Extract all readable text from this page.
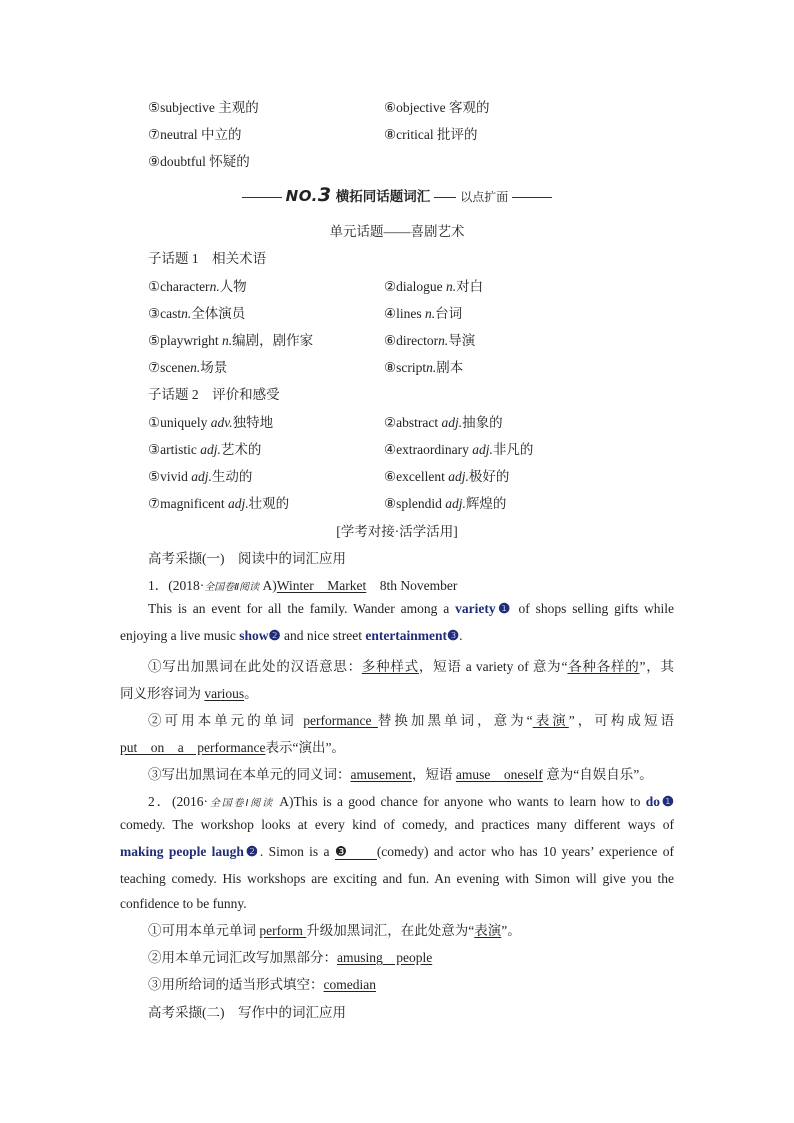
⑤subjective 主观的	⑥objective 客观的
⑦neutral 中立的	⑧critical 批评的
⑨doubtful 怀疑的
NO.3 横拓同话题词汇	以点扩面
单元话题——喜剧艺术
子话题 1　相关术语
①charactern.人物	②dialogue n.对白
③castn.全体演员	④lines n.台词
⑤playwright n.编剧，剧作家	⑥directorn.导演
⑦scenen.场景	⑧scriptn.剧本
子话题 2　评价和感受
①uniquely adv.独特地	②abstract adj.抽象的
③artistic adj.艺术的	④extraordinary adj.非凡的
⑤vivid adj.生动的	⑥excellent adj.极好的
⑦magnificent adj.壮观的	⑧splendid adj.辉煌的
[学考对接·活学活用]
高考采撷(一)　阅读中的词汇应用
1．(2018·全国卷Ⅱ阅读 A)Winter　Market　8th November
This is an event for all the family. Wander among a variety❶ of shops selling gifts while
enjoying a live music show❷ and nice street entertainment❸.
①写出加黑词在此处的汉语意思：多种样式，短语 a variety of 意为“各种各样的”，其
同义形容词为 various。
②可用本单元的单词 performance 替换加黑单词，意为“表演”，可构成短语
put　on　a　performance表示“演出”。
③写出加黑词在本单元的同义词：amusement，短语 amuse　oneself 意为“自娱自乐”。
2．(2016·全国卷Ⅰ阅读 A)This is a good chance for anyone who wants to learn how to do❶
comedy. The workshop looks at every kind of comedy, and practices many different ways of
making people laugh❷. Simon is a ❸ (comedy) and actor who has 10 years’ experience of
teaching comedy. His workshops are exciting and fun. An evening with Simon will give you the
confidence to be funny.
①可用本单元单词 perform 升级加黑词汇，在此处意为“表演”。
②用本单元词汇改写加黑部分：amusing　people
③用所给词的适当形式填空：comedian
高考采撷(二)　写作中的词汇应用
